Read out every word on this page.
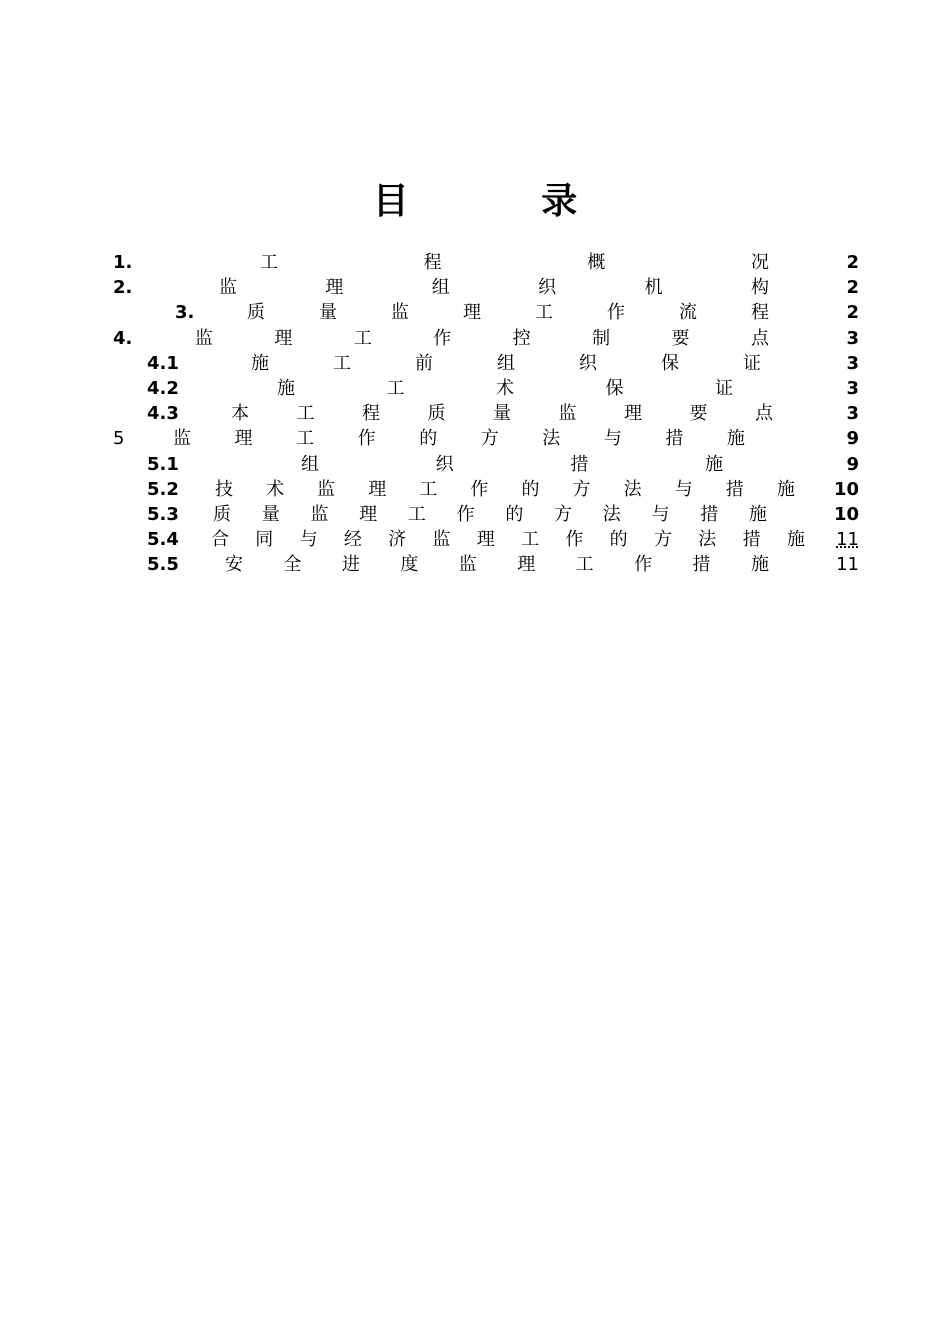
目 录
1.	工	程	概	况	2
2.	监	理	组	织	机	构	2
3.	质	量	监	理	工	作	流	程	2
4.	监	理	工	作	控	制	要	点	3
4.1	施	工	前	组	织	保	证	3
4.2	施	工	术	保	证	3
4.3	本	工	程	质	量	监	理	要	点	3
5	监 理 工 作 的 方 法 与 措 施	9
5.1	组	织	措	施	9
5.2	技 术 监 理 工 作 的 方 法 与 措 施 10
5.3	质 量 监 理 工 作 的 方 法 与 措 施	10
5.4	合 同 与 经 济 监 理 工 作 的 方 法 措 施	11
5.5	安 全 进 度 监 理 工 作 措 施	11
